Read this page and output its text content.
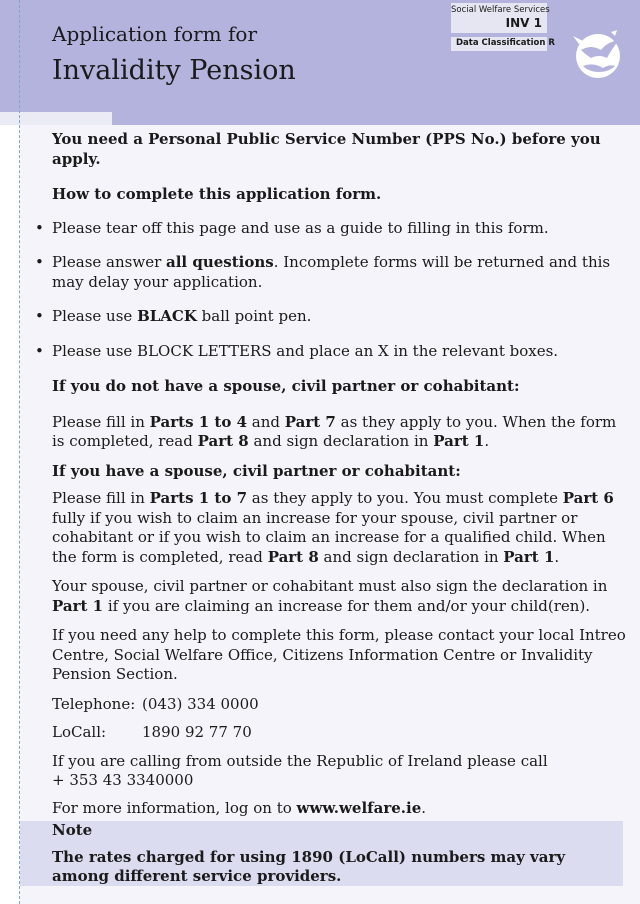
Application form for
Invalidity Pension
Social Welfare Services
INV 1
Data Classification R
You need a Personal Public Service Number (PPS No.) before you apply.
How to complete this application form.
• Please tear off this page and use as a guide to filling in this form.
• Please answer all questions. Incomplete forms will be returned and this may delay your application.
• Please use BLACK ball point pen.
• Please use BLOCK LETTERS and place an X in the relevant boxes.
If you do not have a spouse, civil partner or cohabitant:
Please fill in Parts 1 to 4 and Part 7 as they apply to you. When the form is completed, read Part 8 and sign declaration in Part 1.
If you have a spouse, civil partner or cohabitant:
Please fill in Parts 1 to 7 as they apply to you. You must complete Part 6 fully if you wish to claim an increase for your spouse, civil partner or cohabitant or if you wish to claim an increase for a qualified child. When the form is completed, read Part 8 and sign declaration in Part 1.
Your spouse, civil partner or cohabitant must also sign the declaration in Part 1 if you are claiming an increase for them and/or your child(ren).
If you need any help to complete this form, please contact your local Intreo Centre, Social Welfare Office, Citizens Information Centre or Invalidity Pension Section.
Telephone: (043) 334 0000
LoCall:	1890 92 77 70
If you are calling from outside the Republic of Ireland please call
+ 353 43 3340000
For more information, log on to www.welfare.ie.
Note
The rates charged for using 1890 (LoCall) numbers may vary among different service providers.
